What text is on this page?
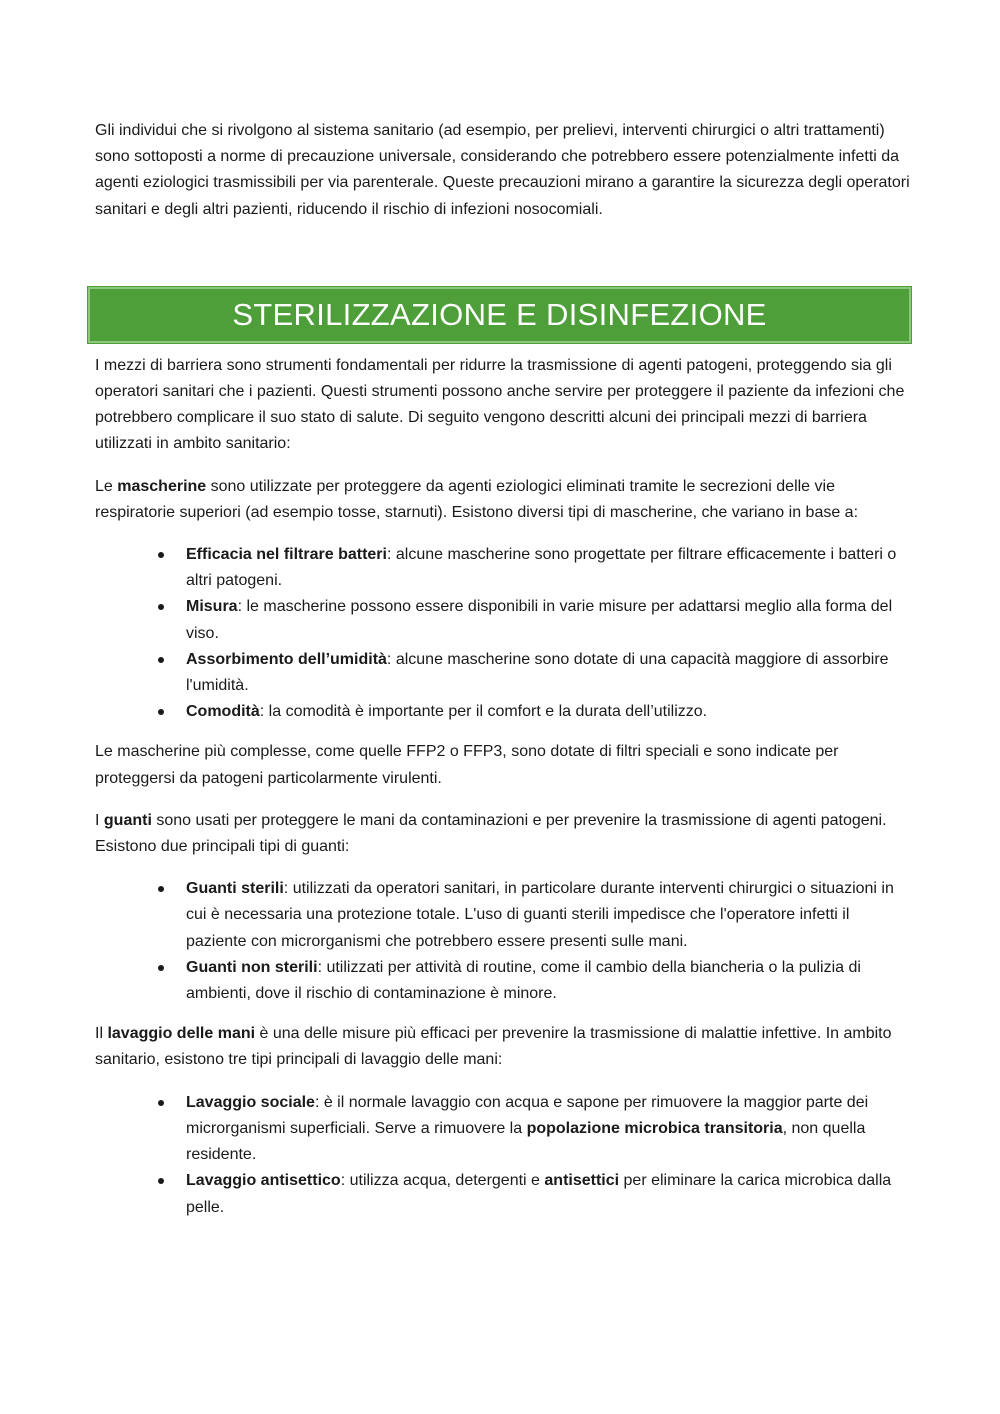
Gli individui che si rivolgono al sistema sanitario (ad esempio, per prelievi, interventi chirurgici o altri trattamenti) sono sottoposti a norme di precauzione universale, considerando che potrebbero essere potenzialmente infetti da agenti eziologici trasmissibili per via parenterale. Queste precauzioni mirano a garantire la sicurezza degli operatori sanitari e degli altri pazienti, riducendo il rischio di infezioni nosocomiali.

STERILIZZAZIONE E DISINFEZIONE

I mezzi di barriera sono strumenti fondamentali per ridurre la trasmissione di agenti patogeni, proteggendo sia gli operatori sanitari che i pazienti. Questi strumenti possono anche servire per proteggere il paziente da infezioni che potrebbero complicare il suo stato di salute. Di seguito vengono descritti alcuni dei principali mezzi di barriera utilizzati in ambito sanitario:

Le mascherine sono utilizzate per proteggere da agenti eziologici eliminati tramite le secrezioni delle vie respiratorie superiori (ad esempio tosse, starnuti). Esistono diversi tipi di mascherine, che variano in base a:

Efficacia nel filtrare batteri: alcune mascherine sono progettate per filtrare efficacemente i batteri o altri patogeni.
Misura: le mascherine possono essere disponibili in varie misure per adattarsi meglio alla forma del viso.
Assorbimento dell’umidità: alcune mascherine sono dotate di una capacità maggiore di assorbire l'umidità.
Comodità: la comodità è importante per il comfort e la durata dell’utilizzo.

Le mascherine più complesse, come quelle FFP2 o FFP3, sono dotate di filtri speciali e sono indicate per proteggersi da patogeni particolarmente virulenti.

I guanti sono usati per proteggere le mani da contaminazioni e per prevenire la trasmissione di agenti patogeni. Esistono due principali tipi di guanti:

Guanti sterili: utilizzati da operatori sanitari, in particolare durante interventi chirurgici o situazioni in cui è necessaria una protezione totale. L'uso di guanti sterili impedisce che l'operatore infetti il paziente con microrganismi che potrebbero essere presenti sulle mani.
Guanti non sterili: utilizzati per attività di routine, come il cambio della biancheria o la pulizia di ambienti, dove il rischio di contaminazione è minore.

Il lavaggio delle mani è una delle misure più efficaci per prevenire la trasmissione di malattie infettive. In ambito sanitario, esistono tre tipi principali di lavaggio delle mani:

Lavaggio sociale: è il normale lavaggio con acqua e sapone per rimuovere la maggior parte dei microrganismi superficiali. Serve a rimuovere la popolazione microbica transitoria, non quella residente.
Lavaggio antisettico: utilizza acqua, detergenti e antisettici per eliminare la carica microbica dalla pelle.
